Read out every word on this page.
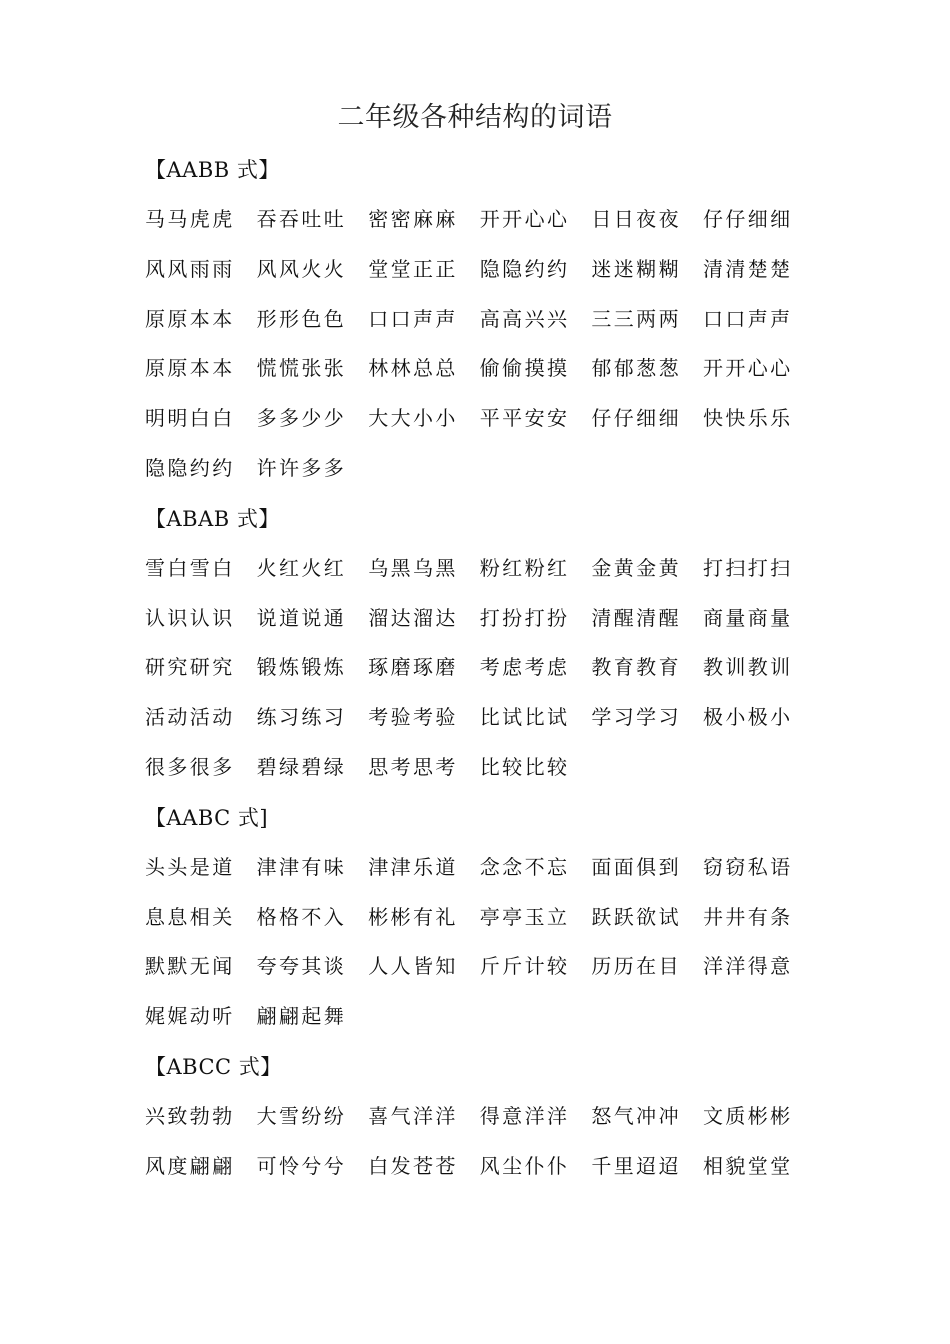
二年级各种结构的词语
【AABB 式】
马马虎虎	吞吞吐吐	密密麻麻	开开心心	日日夜夜	仔仔细细
风风雨雨	风风火火	堂堂正正	隐隐约约	迷迷糊糊	清清楚楚
原原本本	形形色色	口口声声	高高兴兴	三三两两	口口声声
原原本本	慌慌张张	林林总总	偷偷摸摸	郁郁葱葱	开开心心
明明白白	多多少少	大大小小	平平安安	仔仔细细	快快乐乐
隐隐约约	许许多多
【ABAB 式】
雪白雪白	火红火红	乌黑乌黑	粉红粉红	金黄金黄	打扫打扫
认识认识	说道说通	溜达溜达	打扮打扮	清醒清醒	商量商量
研究研究	锻炼锻炼	琢磨琢磨	考虑考虑	教育教育	教训教训
活动活动	练习练习	考验考验	比试比试	学习学习	极小极小
很多很多	碧绿碧绿	思考思考	比较比较
【AABC 式]
头头是道	津津有味	津津乐道	念念不忘	面面俱到	窃窃私语
息息相关	格格不入	彬彬有礼	亭亭玉立	跃跃欲试	井井有条
默默无闻	夸夸其谈	人人皆知	斤斤计较	历历在目	洋洋得意
娓娓动听	翩翩起舞
【ABCC 式】
兴致勃勃	大雪纷纷	喜气洋洋	得意洋洋	怒气冲冲	文质彬彬
风度翩翩	可怜兮兮	白发苍苍	风尘仆仆	千里迢迢	相貌堂堂
